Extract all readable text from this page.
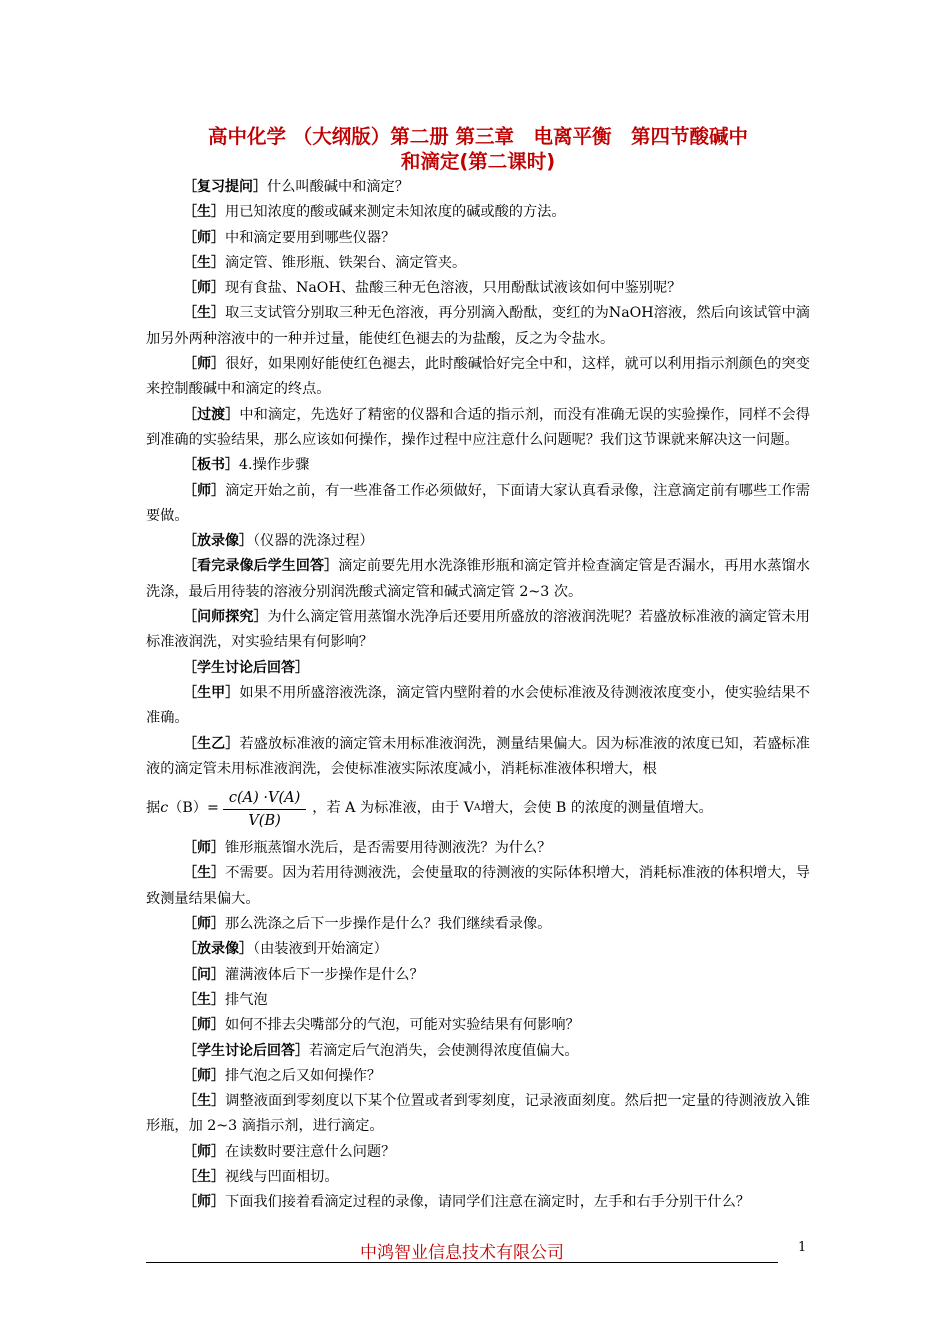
高中化学 （大纲版）第二册 第三章　电离平衡　第四节酸碱中
和滴定(第二课时)

［复习提问］什么叫酸碱中和滴定？

［生］用已知浓度的酸或碱来测定未知浓度的碱或酸的方法。

［师］中和滴定要用到哪些仪器？

［生］滴定管、锥形瓶、铁架台、滴定管夹。

［师］现有食盐、NaOH、盐酸三种无色溶液，只用酚酞试液该如何中鉴别呢？

［生］取三支试管分别取三种无色溶液，再分别滴入酚酞，变红的为NaOH溶液，然后向该试管中滴加另外两种溶液中的一种并过量，能使红色褪去的为盐酸，反之为令盐水。

［师］很好，如果刚好能使红色褪去，此时酸碱恰好完全中和，这样，就可以利用指示剂颜色的突变来控制酸碱中和滴定的终点。

［过渡］中和滴定，先选好了精密的仪器和合适的指示剂，而没有准确无误的实验操作，同样不会得到准确的实验结果，那么应该如何操作，操作过程中应注意什么问题呢？我们这节课就来解决这一问题。

［板书］4.操作步骤

［师］滴定开始之前，有一些准备工作必须做好，下面请大家认真看录像，注意滴定前有哪些工作需要做。

［放录像］（仪器的洗涤过程）

［看完录像后学生回答］滴定前要先用水洗涤锥形瓶和滴定管并检查滴定管是否漏水，再用水蒸馏水洗涤，最后用待装的溶液分别润洗酸式滴定管和碱式滴定管 2~3 次。

［问师探究］为什么滴定管用蒸馏水洗净后还要用所盛放的溶液润洗呢？若盛放标准液的滴定管未用标准液润洗，对实验结果有何影响？

［学生讨论后回答］

［生甲］如果不用所盛溶液洗涤，滴定管内壁附着的水会使标准液及待测液浓度变小，使实验结果不准确。

［生乙］若盛放标准液的滴定管未用标准液润洗，测量结果偏大。因为标准液的浓度已知，若盛标准液的滴定管未用标准液润洗，会使标准液实际浓度减小，消耗标准液体积增大，根

据 c $(B)= \frac{c(A) \cdot V(A)}{V(B)}$ ，若 A 为标准液，由于 V A 增大，会使 B 的浓度的测量值增大。

［师］锥形瓶蒸馏水洗后，是否需要用待测液洗？为什么？

［生］不需要。因为若用待测液洗，会使量取的待测液的实际体积增大，消耗标准液的体积增大，导致测量结果偏大。

［师］那么洗涤之后下一步操作是什么？我们继续看录像。

［放录像］（由装液到开始滴定）

［问］灌满液体后下一步操作是什么？

［生］排气泡

［师］如何不排去尖嘴部分的气泡，可能对实验结果有何影响？

［学生讨论后回答］若滴定后气泡消失，会使测得浓度值偏大。

［师］排气泡之后又如何操作？

［生］调整液面到零刻度以下某个位置或者到零刻度，记录液面刻度。然后把一定量的待测液放入锥形瓶，加 2~3 滴指示剂，进行滴定。

［师］在读数时要注意什么问题？

［生］视线与凹面相切。

［师］下面我们接着看滴定过程的录像，请同学们注意在滴定时，左手和右手分别干什么？

中鸿智业信息技术有限公司	1
